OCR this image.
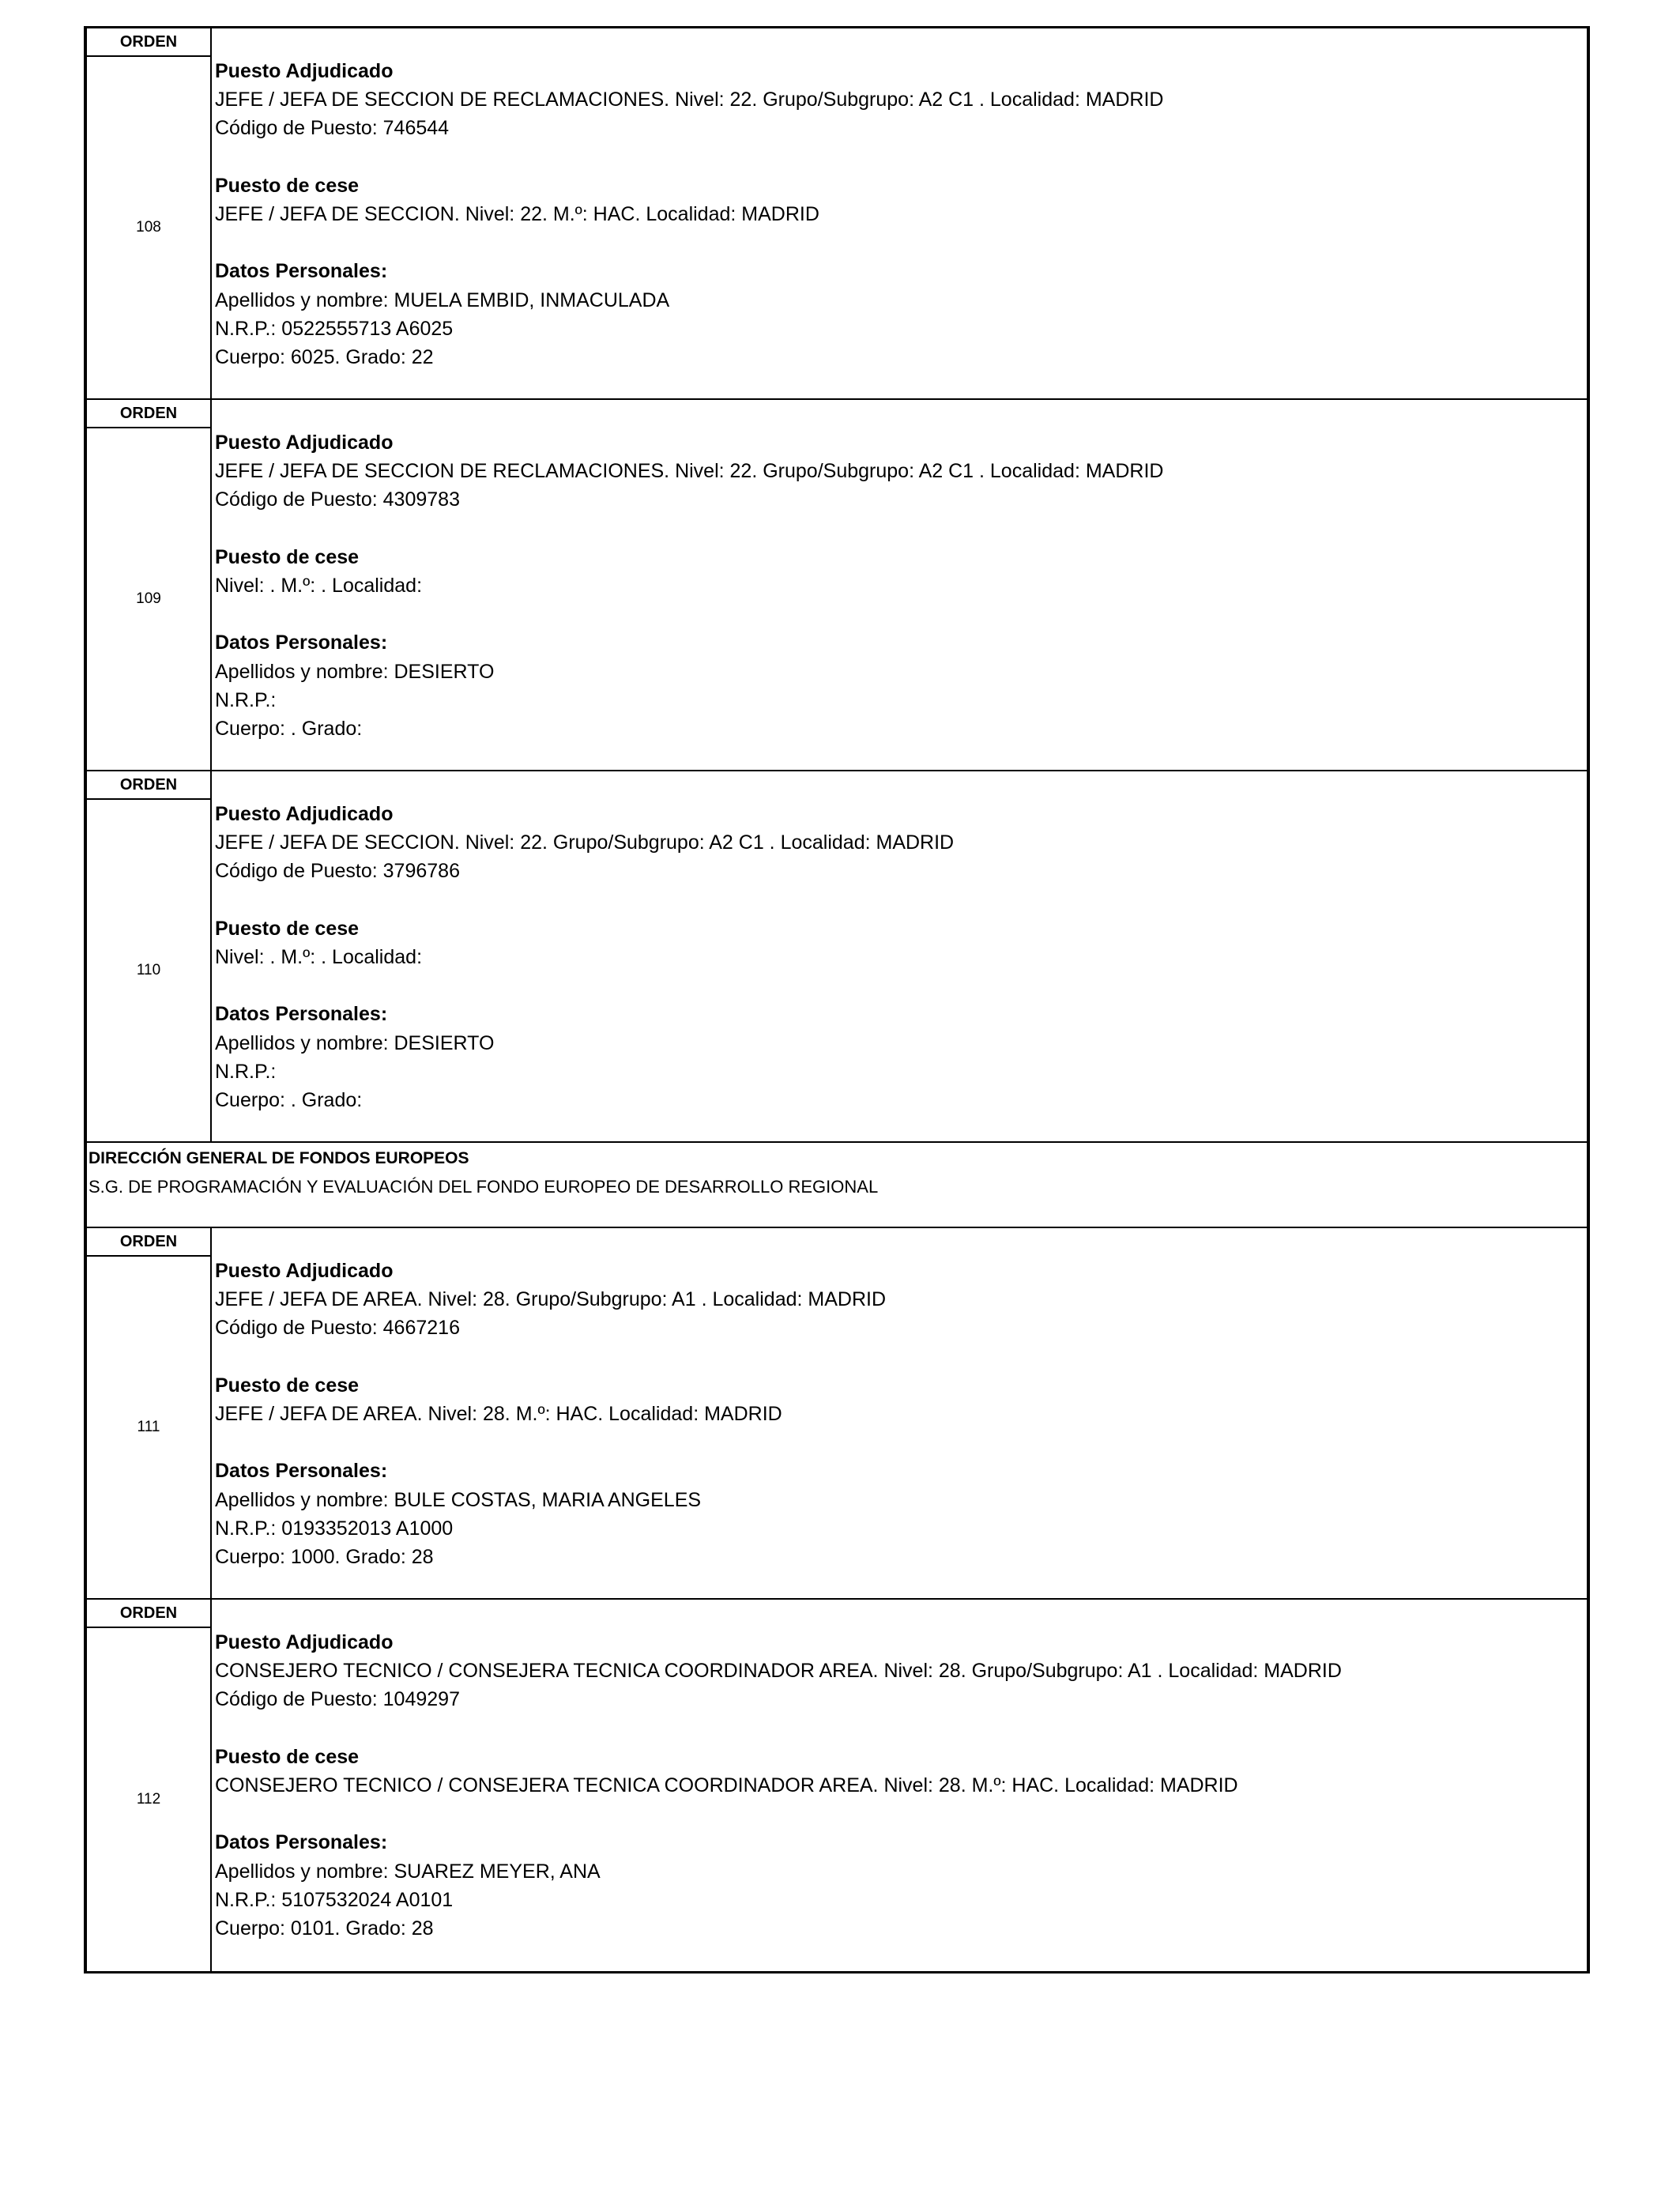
ORDEN
108
Puesto Adjudicado
JEFE / JEFA DE SECCION DE RECLAMACIONES. Nivel: 22. Grupo/Subgrupo: A2 C1 . Localidad: MADRID
Código de Puesto: 746544
Puesto de cese
JEFE / JEFA DE SECCION. Nivel: 22. M.º: HAC. Localidad: MADRID
Datos Personales:
Apellidos y nombre: MUELA EMBID, INMACULADA
N.R.P.: 0522555713 A6025
Cuerpo: 6025. Grado: 22
ORDEN
109
Puesto Adjudicado
JEFE / JEFA DE SECCION DE RECLAMACIONES. Nivel: 22. Grupo/Subgrupo: A2 C1 . Localidad: MADRID
Código de Puesto: 4309783
Puesto de cese
Nivel: . M.º: . Localidad:
Datos Personales:
Apellidos y nombre: DESIERTO
N.R.P.:
Cuerpo: . Grado:
ORDEN
110
Puesto Adjudicado
JEFE / JEFA DE SECCION. Nivel: 22. Grupo/Subgrupo: A2 C1 . Localidad: MADRID
Código de Puesto: 3796786
Puesto de cese
Nivel: . M.º: . Localidad:
Datos Personales:
Apellidos y nombre: DESIERTO
N.R.P.:
Cuerpo: . Grado:
DIRECCIÓN GENERAL DE FONDOS EUROPEOS
S.G. DE PROGRAMACIÓN Y EVALUACIÓN DEL FONDO EUROPEO DE DESARROLLO REGIONAL
ORDEN
111
Puesto Adjudicado
JEFE / JEFA DE AREA. Nivel: 28. Grupo/Subgrupo: A1 . Localidad: MADRID
Código de Puesto: 4667216
Puesto de cese
JEFE / JEFA DE AREA. Nivel: 28. M.º: HAC. Localidad: MADRID
Datos Personales:
Apellidos y nombre: BULE COSTAS, MARIA ANGELES
N.R.P.: 0193352013 A1000
Cuerpo: 1000. Grado: 28
ORDEN
112
Puesto Adjudicado
CONSEJERO TECNICO / CONSEJERA TECNICA COORDINADOR AREA. Nivel: 28. Grupo/Subgrupo: A1 . Localidad: MADRID
Código de Puesto: 1049297
Puesto de cese
CONSEJERO TECNICO / CONSEJERA TECNICA COORDINADOR AREA. Nivel: 28. M.º: HAC. Localidad: MADRID
Datos Personales:
Apellidos y nombre: SUAREZ MEYER, ANA
N.R.P.: 5107532024 A0101
Cuerpo: 0101. Grado: 28
